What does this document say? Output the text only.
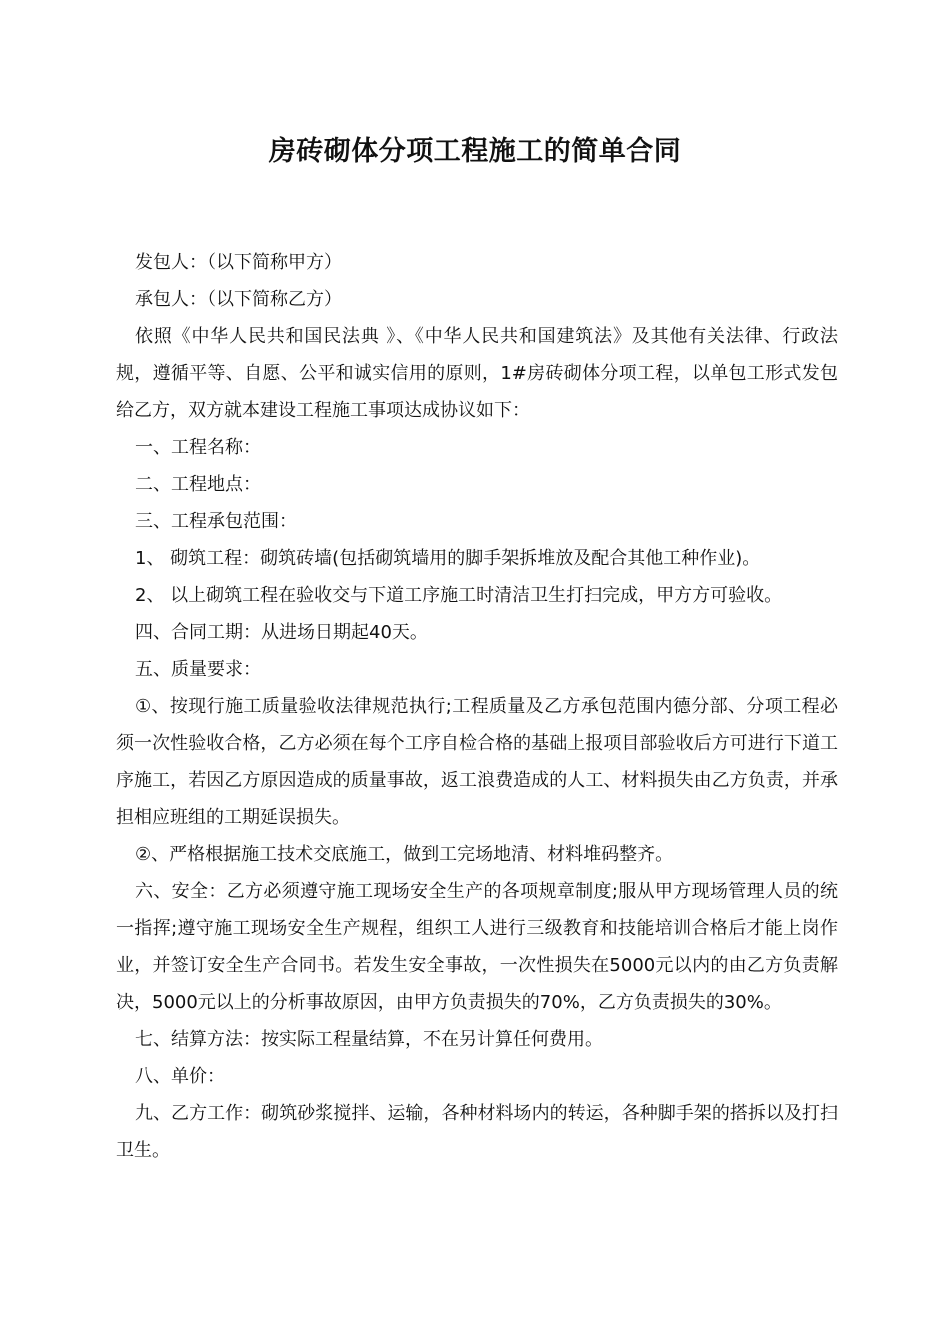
房砖砌体分项工程施工的简单合同

发包人：（以下简称甲方）

承包人：（以下简称乙方）

依照《中华人民共和国民法典 》、《中华人民共和国建筑法》及其他有关法律、行政法规，遵循平等、自愿、公平和诚实信用的原则，1#房砖砌体分项工程，以单包工形式发包给乙方，双方就本建设工程施工事项达成协议如下：

一、工程名称：

二、工程地点：

三、工程承包范围：

1、 砌筑工程：砌筑砖墙(包括砌筑墙用的脚手架拆堆放及配合其他工种作业)。

2、 以上砌筑工程在验收交与下道工序施工时清洁卫生打扫完成，甲方方可验收。

四、合同工期：从进场日期起40天。

五、质量要求：

①、按现行施工质量验收法律规范执行;工程质量及乙方承包范围内德分部、分项工程必须一次性验收合格，乙方必须在每个工序自检合格的基础上报项目部验收后方可进行下道工序施工，若因乙方原因造成的质量事故，返工浪费造成的人工、材料损失由乙方负责，并承担相应班组的工期延误损失。

②、严格根据施工技术交底施工，做到工完场地清、材料堆码整齐。

六、安全：乙方必须遵守施工现场安全生产的各项规章制度;服从甲方现场管理人员的统一指挥;遵守施工现场安全生产规程，组织工人进行三级教育和技能培训合格后才能上岗作业，并签订安全生产合同书。若发生安全事故，一次性损失在5000元以内的由乙方负责解决，5000元以上的分析事故原因，由甲方负责损失的70%，乙方负责损失的30%。

七、结算方法：按实际工程量结算，不在另计算任何费用。

八、单价：

九、乙方工作：砌筑砂浆搅拌、运输，各种材料场内的转运，各种脚手架的搭拆以及打扫卫生。
